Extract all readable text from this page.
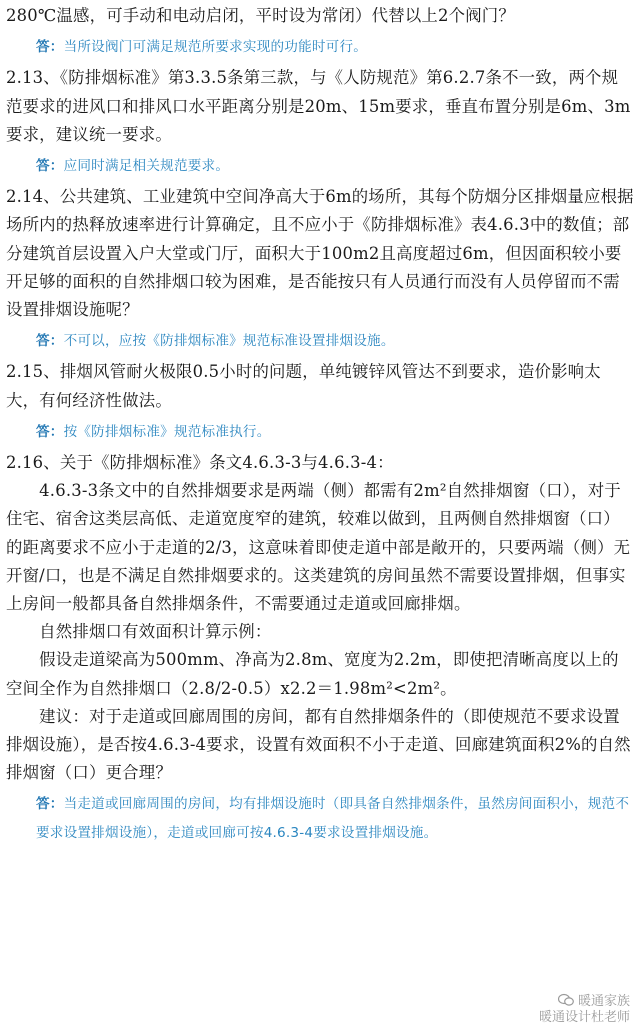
280℃温感，可手动和电动启闭，平时设为常闭）代替以上2个阀门？

答：当所设阀门可满足规范所要求实现的功能时可行。

2.13、《防排烟标准》第3.3.5条第三款，与《人防规范》第6.2.7条不一致，两个规范要求的进风口和排风口水平距离分别是20m、15m要求，垂直布置分别是6m、3m要求，建议统一要求。

答：应同时满足相关规范要求。

2.14、公共建筑、工业建筑中空间净高大于6m的场所，其每个防烟分区排烟量应根据场所内的热释放速率进行计算确定，且不应小于《防排烟标准》表4.6.3中的数值；部分建筑首层设置入户大堂或门厅，面积大于100m2且高度超过6m，但因面积较小要开足够的面积的自然排烟口较为困难，是否能按只有人员通行而没有人员停留而不需设置排烟设施呢？

答：不可以，应按《防排烟标准》规范标准设置排烟设施。

2.15、排烟风管耐火极限0.5小时的问题，单纯镀锌风管达不到要求，造价影响太大，有何经济性做法。

答：按《防排烟标准》规范标准执行。

2.16、关于《防排烟标准》条文4.6.3-3与4.6.3-4：

　　4.6.3-3条文中的自然排烟要求是两端（侧）都需有2m²自然排烟窗（口），对于住宅、宿舍这类层高低、走道宽度窄的建筑，较难以做到，且两侧自然排烟窗（口）的距离要求不应小于走道的2/3，这意味着即使走道中部是敞开的，只要两端（侧）无开窗/口，也是不满足自然排烟要求的。这类建筑的房间虽然不需要设置排烟，但事实上房间一般都具备自然排烟条件，不需要通过走道或回廊排烟。

　　自然排烟口有效面积计算示例：

　　假设走道梁高为500mm、净高为2.8m、宽度为2.2m，即使把清晰高度以上的空间全作为自然排烟口（2.8/2-0.5）x2.2＝1.98m²<2m²。

　　建议：对于走道或回廊周围的房间，都有自然排烟条件的（即使规范不要求设置排烟设施），是否按4.6.3-4要求，设置有效面积不小于走道、回廊建筑面积2%的自然排烟窗（口）更合理？

答：当走道或回廊周围的房间，均有排烟设施时（即具备自然排烟条件，虽然房间面积小，规范不要求设置排烟设施），走道或回廊可按4.6.3-4要求设置排烟设施。

暖通家族
暖通设计杜老师
